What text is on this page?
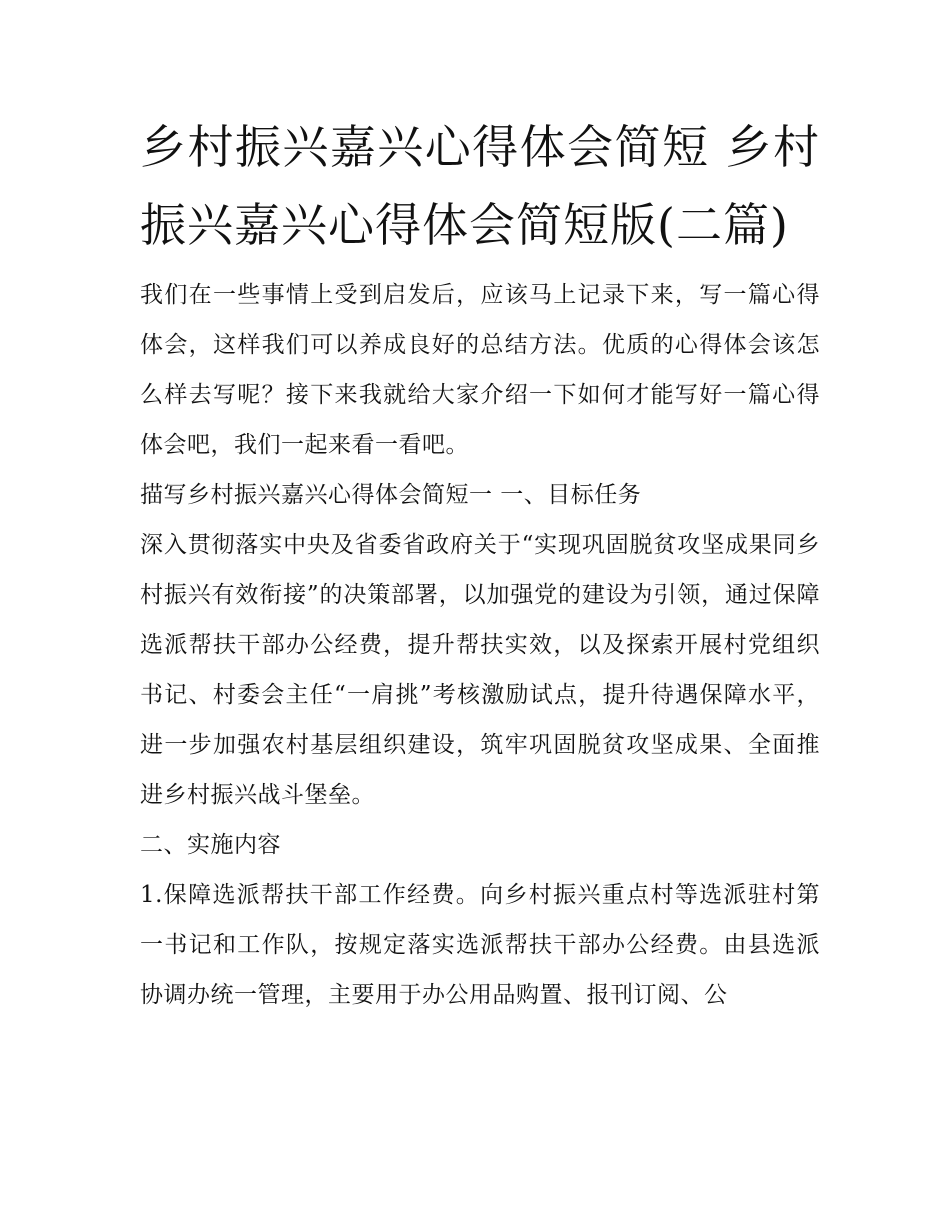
乡村振兴嘉兴心得体会简短 乡村振兴嘉兴心得体会简短版(二篇)

我们在一些事情上受到启发后，应该马上记录下来，写一篇心得体会，这样我们可以养成良好的总结方法。优质的心得体会该怎么样去写呢？接下来我就给大家介绍一下如何才能写好一篇心得体会吧，我们一起来看一看吧。

描写乡村振兴嘉兴心得体会简短一 一、目标任务

深入贯彻落实中央及省委省政府关于“实现巩固脱贫攻坚成果同乡村振兴有效衔接”的决策部署，以加强党的建设为引领，通过保障选派帮扶干部办公经费，提升帮扶实效，以及探索开展村党组织书记、村委会主任“一肩挑”考核激励试点，提升待遇保障水平，进一步加强农村基层组织建设，筑牢巩固脱贫攻坚成果、全面推进乡村振兴战斗堡垒。

二、实施内容

1.保障选派帮扶干部工作经费。向乡村振兴重点村等选派驻村第一书记和工作队，按规定落实选派帮扶干部办公经费。由县选派协调办统一管理，主要用于办公用品购置、报刊订阅、公
